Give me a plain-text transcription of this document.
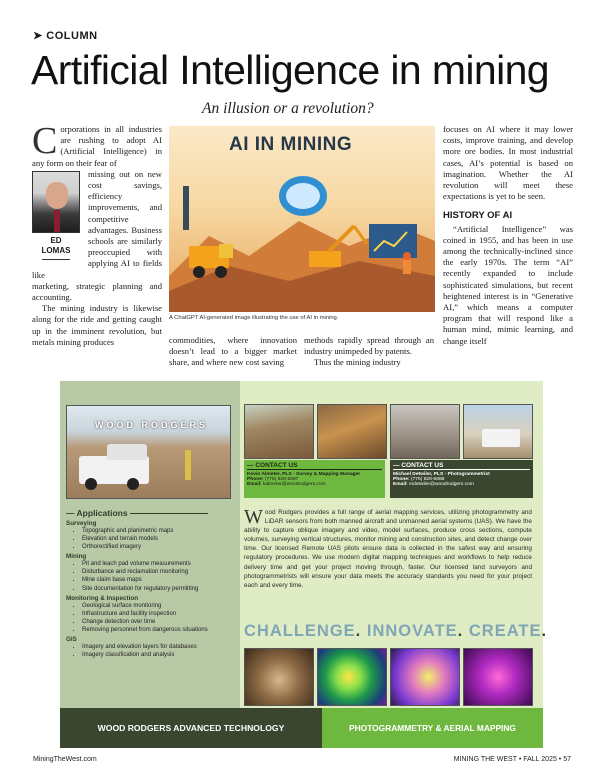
➤ COLUMN
Artificial Intelligence in mining
An illusion or a revolution?
C orporations in all industries are rushing to adopt AI (Artificial Intelligence) in any form on their fear of
ED
LOMAS
missing out on new cost savings, efficiency improvements, and competitive advantages. Business schools are similarly preoccupied with applying AI to fields like
marketing, strategic planning and accounting.

The mining industry is likewise along for the ride and getting caught up in the imminent revolution, but metals mining produces

AI IN MINING
A ChatGPT AI-generated image illustrating the use of AI in mining.
commodities, where innovation doesn’t lead to a bigger market share, and where new cost saving
methods rapidly spread through an industry unimpeded by patents.

Thus the mining industry

focuses on AI where it may lower costs, improve training, and develop more ore bodies. In most industrial cases, AI’s potential is based on imagination. Whether the AI revolution will meet these expectations is yet to be seen.
HISTORY OF AI

“Artificial Intelligence” was coined in 1955, and has been in use among the technically-inclined since the early 1970s. The term “AI” recently expanded to include sophisticated simulations, but recent heightened interest is in “Generative AI,” which means a computer program that will respond like a human mind, mimic learning, and change itself

WOOD RODGERS
— CONTACT US
Kevin Almeter, PLS - Survey & Mapping Manager
Phone: (775) 828-5687
Email: kalmeter@woodrodgers.com
— CONTACT US
Michael Detwiler, PLS - Photogrammetrist
Phone: (775) 828-5688
Email: mdetwiler@woodrodgers.com
— Applications
Surveying
• Topographic and planimetric maps
• Elevation and terrain models
• Orthorectified imagery
Mining
• Pit and leach pad volume measurements
• Disturbance and reclamation monitoring
• Mine claim base maps
• Site documentation for regulatory permitting
Monitoring & Inspection
• Geological surface monitoring
• Infrastructure and facility inspection
• Change detection over time
• Removing personnel from dangerous situations
GIS
• Imagery and elevation layers for databases
• Imagery classification and analysis
W ood Rodgers provides a full range of aerial mapping services, utilizing photogrammetry and LiDAR sensors from both manned aircraft and unmanned aerial systems (UAS). We have the ability to capture oblique imagery and video, model surfaces, produce cross sections, compute volumes, surveying vertical structures, monitor mining and construction sites, and detect change over time. Our licensed Remote UAS pilots ensure data is collected in the safest way and ensuring regulatory procedures. We use modern digital mapping techniques and workflows to help reduce delivery time and get your project moving through, faster. Our licensed land surveyors and photogrammetrists will ensure your data meets the accuracy standards you need for your project each and every time.
CHALLENGE. INNOVATE. CREATE.
WOOD RODGERS ADVANCED TECHNOLOGY	PHOTOGRAMMETRY & AERIAL MAPPING
MiningTheWest.com	MINING THE WEST • FALL 2025 • 57
